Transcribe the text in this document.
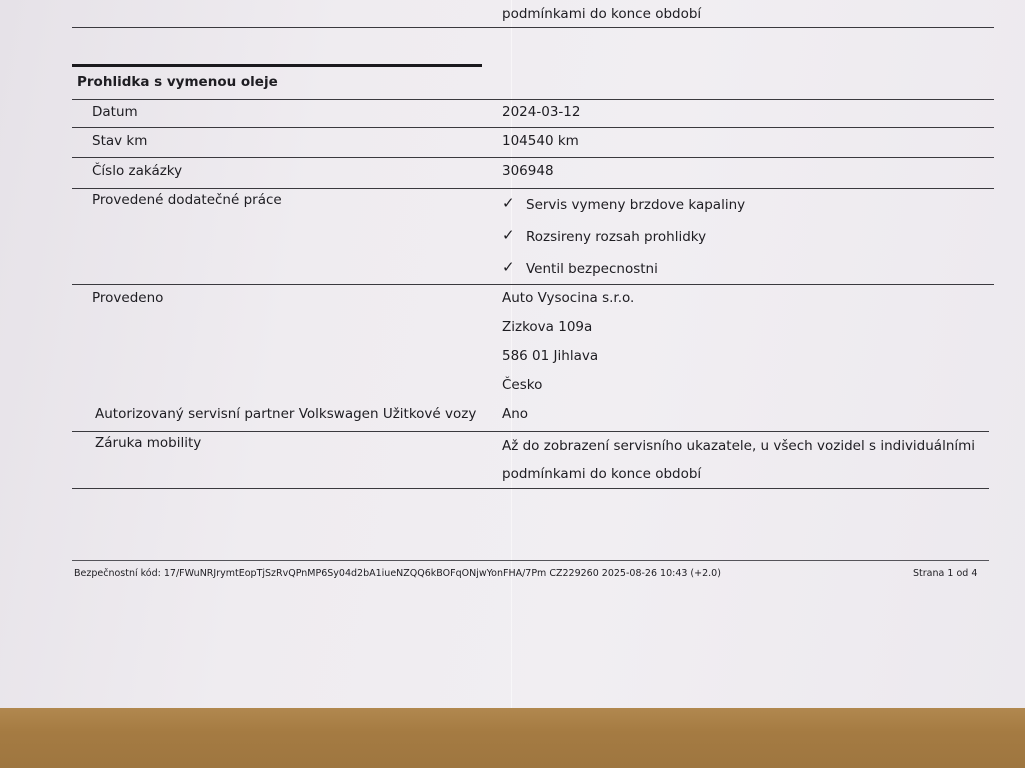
podmínkami do konce období
Prohlidka s vymenou oleje
Datum	2024-03-12
Stav km	104540 km
Číslo zakázky	306948
Provedené dodatečné práce	✓ Servis vymeny brzdove kapaliny
✓ Rozsireny rozsah prohlidky
✓ Ventil bezpecnostni
Provedeno	Auto Vysocina s.r.o.
Zizkova 109a
586 01 Jihlava
Česko
Autorizovaný servisní partner Volkswagen Užitkové vozy Ano
Záruka mobility	Až do zobrazení servisního ukazatele, u všech vozidel s individuálními
podmínkami do konce období
Bezpečnostní kód: 17/FWuNRJrymtEopTjSzRvQPnMP6Sy04d2bA1iueNZQQ6kBOFqONjwYonFHA/7Pm CZ229260 2025-08-26 10:43 (+2.0)	Strana 1 od 4
